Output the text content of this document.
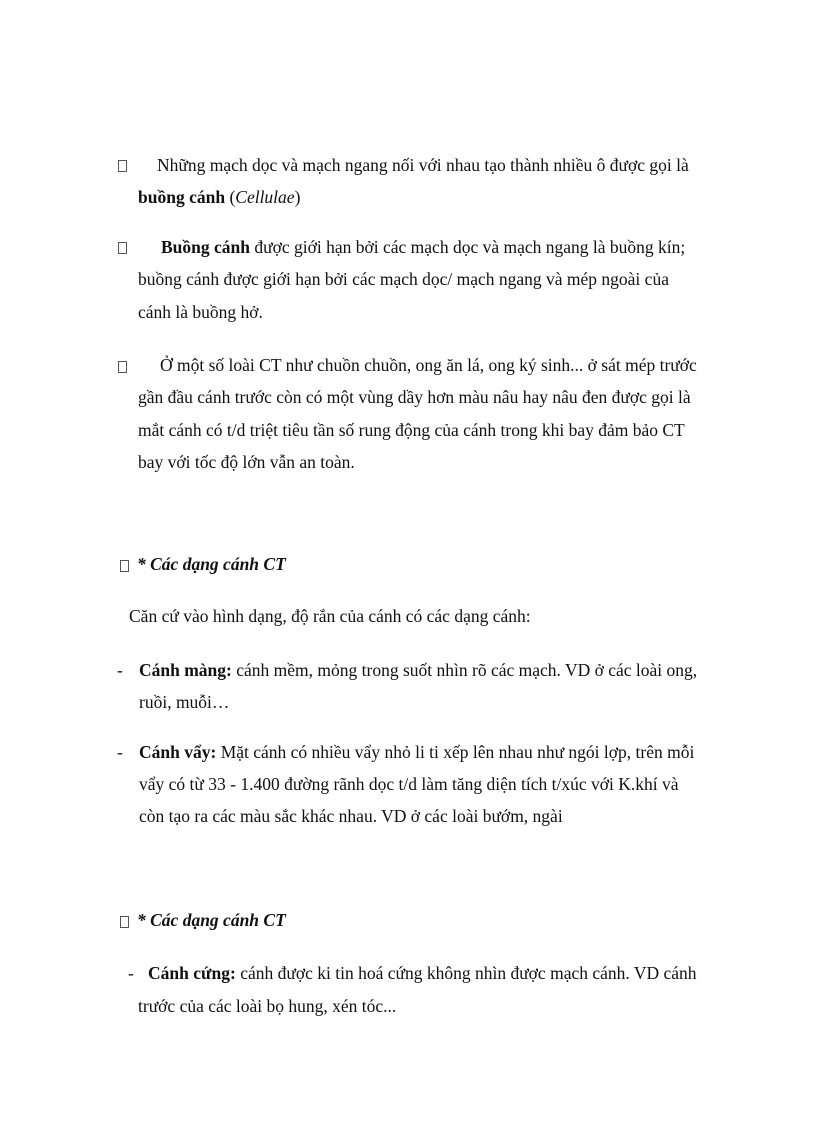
Những mạch dọc và mạch ngang nối với nhau tạo thành nhiều ô được gọi là
buồng cánh (Cellulae)
Buồng cánh được giới hạn bởi các mạch dọc và mạch ngang là buồng kín;
buồng cánh được giới hạn bởi các mạch dọc/ mạch ngang và mép ngoài của
cánh là buồng hở.
Ở một số loài CT như chuồn chuồn, ong ăn lá, ong ký sinh... ở sát mép trước
gần đầu cánh trước còn có một vùng dầy hơn màu nâu hay nâu đen được gọi là
mắt cánh có t/d triệt tiêu tần số rung động của cánh trong khi bay đảm bảo CT
bay với tốc độ lớn vẫn an toàn.
* Các dạng cánh CT
Căn cứ vào hình dạng, độ rắn của cánh có các dạng cánh:
- Cánh màng: cánh mềm, mỏng trong suốt nhìn rõ các mạch. VD ở các loài ong,
ruồi, muỗi…
- Cánh vẩy: Mặt cánh có nhiều vẩy nhỏ li ti xếp lên nhau như ngói lợp, trên mỗi
vẩy có từ 33 - 1.400 đường rãnh dọc t/d làm tăng diện tích t/xúc với K.khí và
còn tạo ra các màu sắc khác nhau. VD ở các loài bướm, ngài
* Các dạng cánh CT
- Cánh cứng: cánh được ki tin hoá cứng không nhìn được mạch cánh. VD cánh
trước của các loài bọ hung, xén tóc...
